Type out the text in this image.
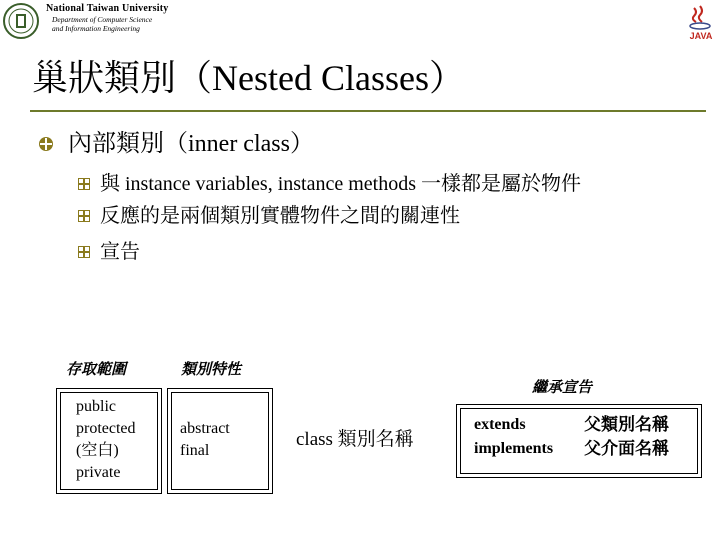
National Taiwan University
Department of Computer Science
and Information Engineering
JAVA
巢狀類別（Nested Classes）
內部類別（inner class）
與 instance variables, instance methods 一樣都是屬於物件
反應的是兩個類別實體物件之間的關連性
宣告
存取範圍	類別特性
繼承宣告
public
protected
(空白)
private
abstract
final
class 類別名稱
extends	父類別名稱
implements 父介面名稱
